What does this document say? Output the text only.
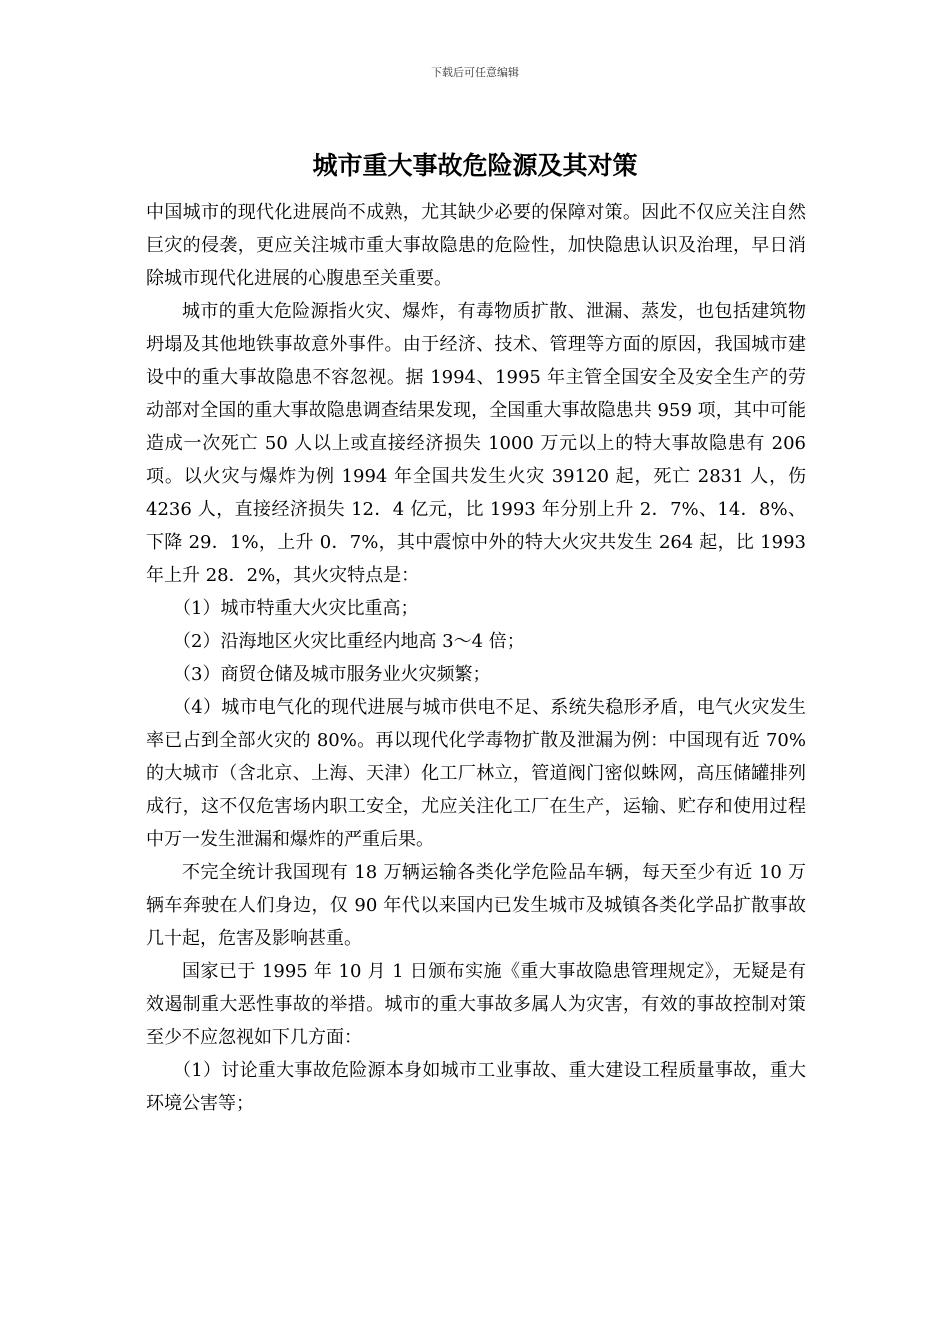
下载后可任意编辑
城市重大事故危险源及其对策

中国城市的现代化进展尚不成熟，尤其缺少必要的保障对策。因此不仅应关注自然巨灾的侵袭，更应关注城市重大事故隐患的危险性，加快隐患认识及治理，早日消除城市现代化进展的心腹患至关重要。

城市的重大危险源指火灾、爆炸，有毒物质扩散、泄漏、蒸发，也包括建筑物坍塌及其他地铁事故意外事件。由于经济、技术、管理等方面的原因，我国城市建设中的重大事故隐患不容忽视。据 1994、1995 年主管全国安全及安全生产的劳动部对全国的重大事故隐患调查结果发现，全国重大事故隐患共 959 项，其中可能造成一次死亡 50 人以上或直接经济损失 1000 万元以上的特大事故隐患有 206 项。以火灾与爆炸为例 1994 年全国共发生火灾 39120 起，死亡 2831 人，伤 4236 人，直接经济损失 12．4 亿元，比 1993 年分别上升 2．7%、14．8%、下降 29．1%，上升 0．7%，其中震惊中外的特大火灾共发生 264 起，比 1993 年上升 28．2%，其火灾特点是：

（1）城市特重大火灾比重高；

（2）沿海地区火灾比重经内地高 3～4 倍；

（3）商贸仓储及城市服务业火灾频繁；

（4）城市电气化的现代进展与城市供电不足、系统失稳形矛盾，电气火灾发生率已占到全部火灾的 80%。再以现代化学毒物扩散及泄漏为例：中国现有近 70%的大城市（含北京、上海、天津）化工厂林立，管道阀门密似蛛网，高压储罐排列成行，这不仅危害场内职工安全，尤应关注化工厂在生产，运输、贮存和使用过程中万一发生泄漏和爆炸的严重后果。

不完全统计我国现有 18 万辆运输各类化学危险品车辆，每天至少有近 10 万辆车奔驶在人们身边，仅 90 年代以来国内已发生城市及城镇各类化学品扩散事故几十起，危害及影响甚重。

国家已于 1995 年 10 月 1 日颁布实施《重大事故隐患管理规定》，无疑是有效遏制重大恶性事故的举措。城市的重大事故多属人为灾害，有效的事故控制对策至少不应忽视如下几方面：

（1）讨论重大事故危险源本身如城市工业事故、重大建设工程质量事故，重大环境公害等；
